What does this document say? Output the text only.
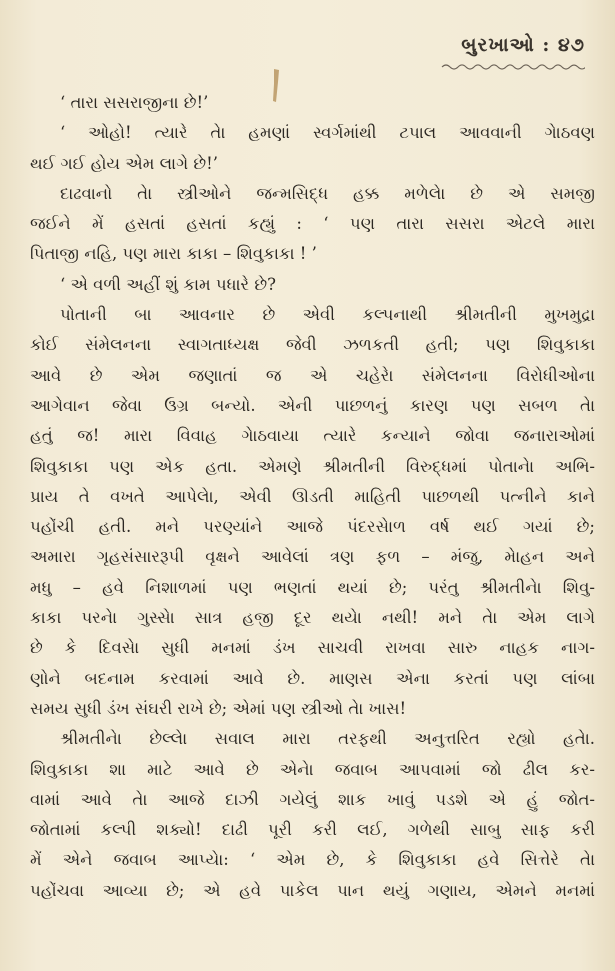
બુરખાઓ : ૪૭
‘ તારા સસરાજીના છે!’
‘ ઓહો! ત્યારે તેા હમણાં સ્વર્ગમાંથી ટપાલ આવવાની ગેાઠવણ
થઈ ગઈ હોય એમ લાગે છે!’
દાઢવાનો તેા સ્ત્રીઓને જન્મસિદ્ધ હક્ક મળેલેા છે એ સમજી
જઈને મેં હસતાં હસતાં કહ્યું : ‘ પણ તારા સસરા એટલે મારા
પિતાજી નહિ, પણ મારા કાકા – શિવુકાકા ! ’
‘ એ વળી અહીં શું કામ પધારે છે?
પોતાની બા આવનાર છે એવી કલ્પનાથી શ્રીમતીની મુખમુદ્રા
કોઈ સંમેલનના સ્વાગતાધ્યક્ષ જેવી ઝળકતી હતી; પણ શિવુકાકા
આવે છે એમ જણાતાં જ એ ચહેરેા સંમેલનના વિરોધીઓના
આગેવાન જેવા ઉગ્ર બન્યો. એની પાછળનું કારણ પણ સબળ તેા
હતું જ! મારા વિવાહ ગેાઠવાયા ત્યારે કન્યાને જોવા જનારાઓમાં
શિવુકાકા પણ એક હતા. એમણે શ્રીમતીની વિરુદ્ધમાં પોતાનેા અભિ-
પ્રાય તે વખતે આપેલેા, એવી ઊડતી માહિતી પાછળથી પત્નીને કાને
પહોંચી હતી. મને પરણ્યાંને આજે પંદરસેાળ વર્ષ થઈ ગયાં છે;
અમારા ગૃહસંસારરૂપી વૃક્ષને આવેલાં ત્રણ ફળ – મંજુ, મેાહન અને
મધુ – હવે નિશાળમાં પણ ભણતાં થયાં છે; પરંતુ શ્રીમતીનેા શિવુ-
કાકા પરનેા ગુસ્સેા સાત્ર હજી દૂર થયેા નથી! મને તેા એમ લાગે
છે કે દિવસેા સુધી મનમાં ડંખ સાચવી રાખવા સારુ નાહક નાગ-
ણોને બદનામ કરવામાં આવે છે. માણસ એના કરતાં પણ લાંબા
સમય સુધી ડંખ સંઘરી રાખે છે; એમાં પણ સ્ત્રીઓ તેા ખાસ!
શ્રીમતીનેા છેલ્લેા સવાલ મારા તરફથી અનુત્તરિત રહ્યો હતેા.
શિવુકાકા શા માટે આવે છે એનેા જવાબ આપવામાં જો ઢીલ કર-
વામાં આવે તેા આજે દાઝી ગયેલું શાક ખાવું પડશે એ હું જોત-
જોતામાં કલ્પી શક્યો! દાઢી પૂરી કરી લઈ, ગળેથી સાબુ સાફ કરી
મેં એને જવાબ આપ્યેા: ‘ એમ છે, કે શિવુકાકા હવે સિત્તેરે તેા
પહોંચવા આવ્યા છે; એ હવે પાકેલ પાન થયું ગણાય, એમને મનમાં
